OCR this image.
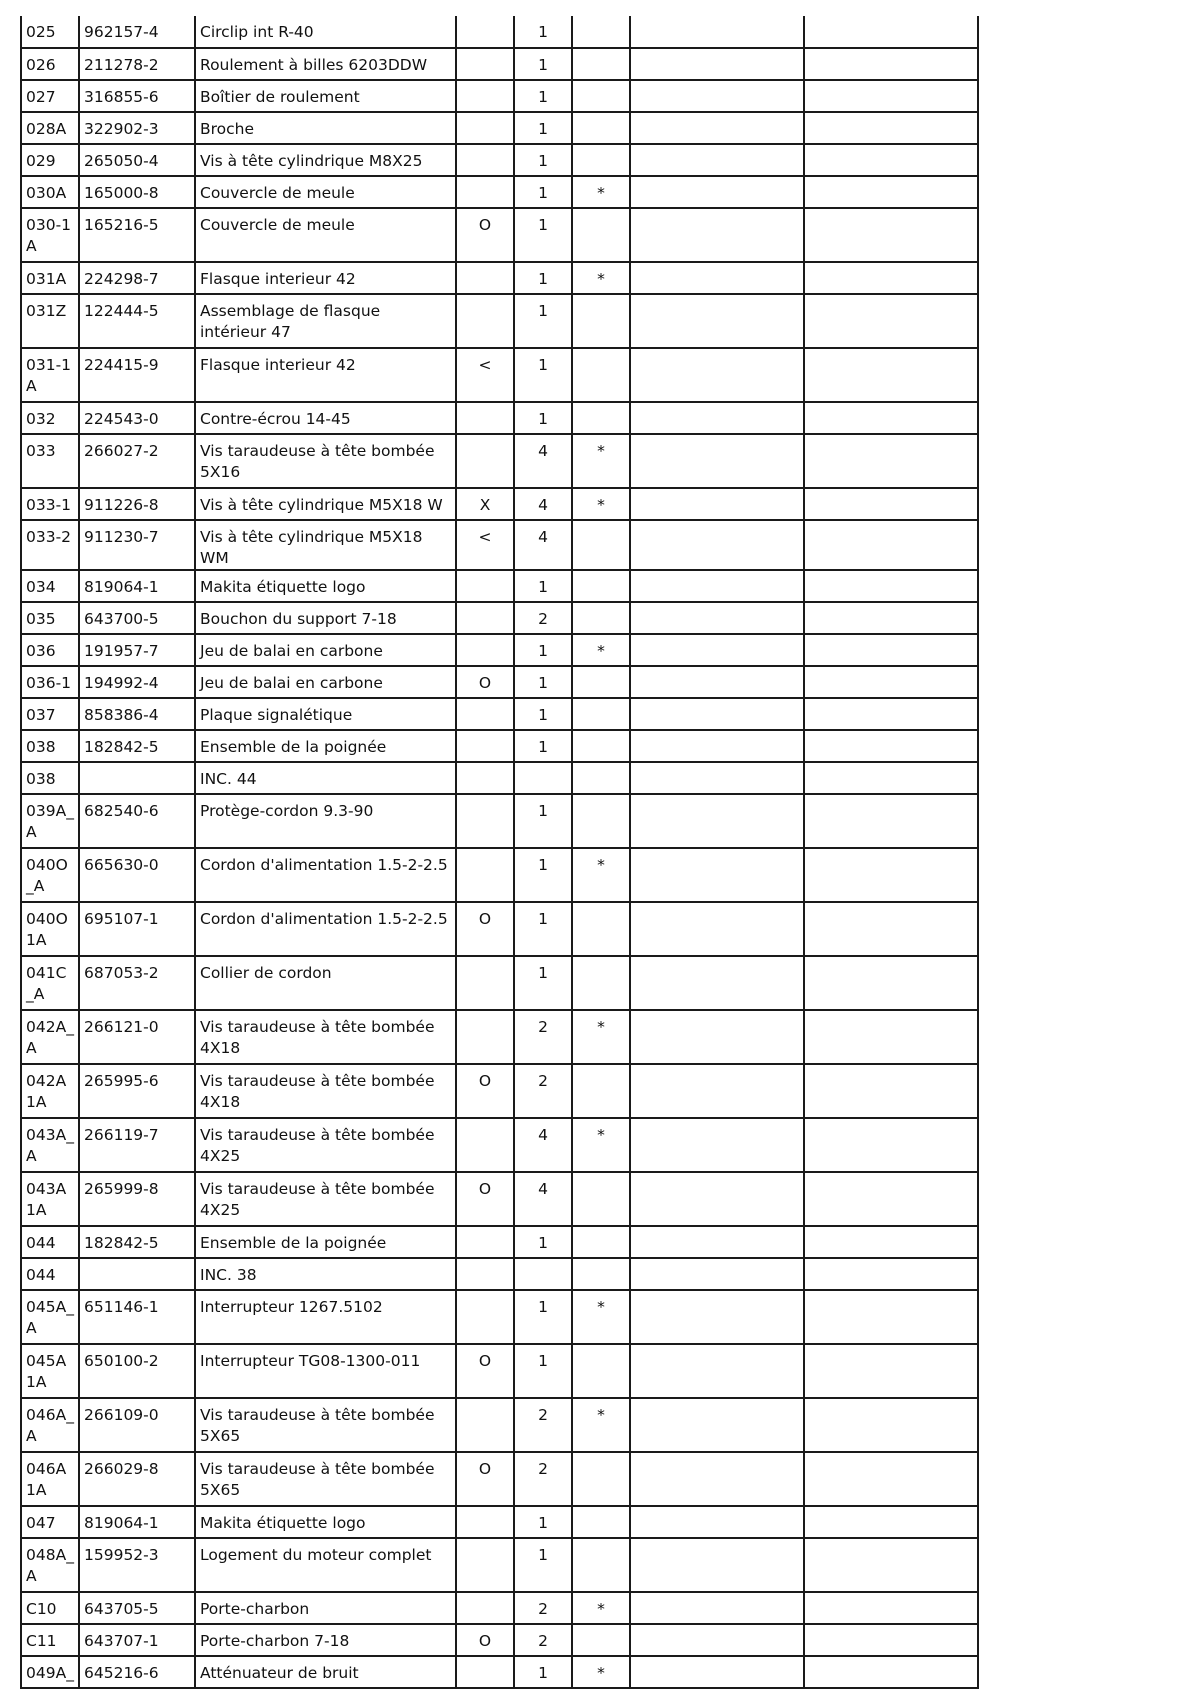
025	962157-4	Circlip int R-40		1			
026	211278-2	Roulement à billes 6203DDW		1			
027	316855-6	Boîtier de roulement		1			
028A	322902-3	Broche		1			
029	265050-4	Vis à tête cylindrique M8X25		1			
030A	165000-8	Couvercle de meule		1	*		
030-1A	165216-5	Couvercle de meule	O	1			
031A	224298-7	Flasque interieur 42		1	*		
031Z	122444-5	Assemblage de flasque intérieur 47		1			
031-1A	224415-9	Flasque interieur 42	<	1			
032	224543-0	Contre-écrou 14-45		1			
033	266027-2	Vis taraudeuse à tête bombée 5X16		4	*		
033-1	911226-8	Vis à tête cylindrique M5X18 W	X	4	*		
033-2	911230-7	Vis à tête cylindrique M5X18 WM	<	4			
034	819064-1	Makita étiquette logo		1			
035	643700-5	Bouchon du support 7-18		2			
036	191957-7	Jeu de balai en carbone		1	*		
036-1	194992-4	Jeu de balai en carbone	O	1			
037	858386-4	Plaque signalétique		1			
038	182842-5	Ensemble de la poignée		1			
038		INC. 44					
039A_A	682540-6	Protège-cordon 9.3-90		1			
040O_A	665630-0	Cordon d'alimentation 1.5-2-2.5		1	*		
040O1A	695107-1	Cordon d'alimentation 1.5-2-2.5	O	1			
041C_A	687053-2	Collier de cordon		1			
042A_A	266121-0	Vis taraudeuse à tête bombée 4X18		2	*		
042A1A	265995-6	Vis taraudeuse à tête bombée 4X18	O	2			
043A_A	266119-7	Vis taraudeuse à tête bombée 4X25		4	*		
043A1A	265999-8	Vis taraudeuse à tête bombée 4X25	O	4			
044	182842-5	Ensemble de la poignée		1			
044		INC. 38					
045A_A	651146-1	Interrupteur 1267.5102		1	*		
045A1A	650100-2	Interrupteur TG08-1300-011	O	1			
046A_A	266109-0	Vis taraudeuse à tête bombée 5X65		2	*		
046A1A	266029-8	Vis taraudeuse à tête bombée 5X65	O	2			
047	819064-1	Makita étiquette logo		1			
048A_A	159952-3	Logement du moteur complet		1			
C10	643705-5	Porte-charbon		2	*		
C11	643707-1	Porte-charbon 7-18	O	2			
049A_	645216-6	Atténuateur de bruit		1	*		
